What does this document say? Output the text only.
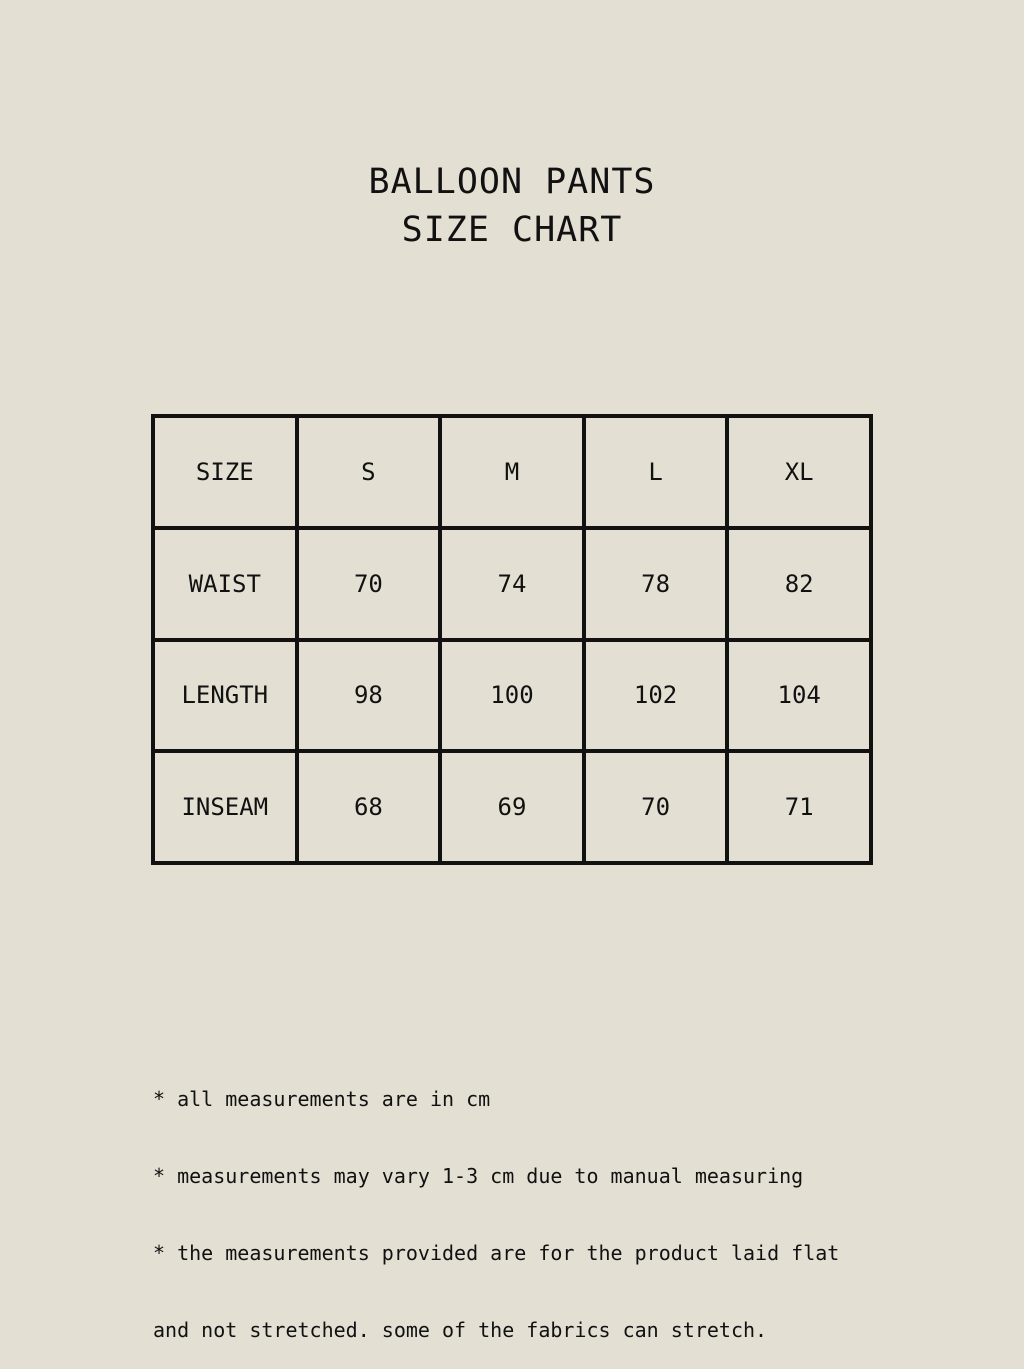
BALLOON PANTS
SIZE CHART
SIZE	S	M	L	XL
WAIST	70	74	78	82
LENGTH	98	100	102	104
INSEAM	68	69	70	71

* all measurements are in cm

* measurements may vary 1-3 cm due to manual measuring

* the measurements provided are for the product laid flat

and not stretched. some of the fabrics can stretch.
